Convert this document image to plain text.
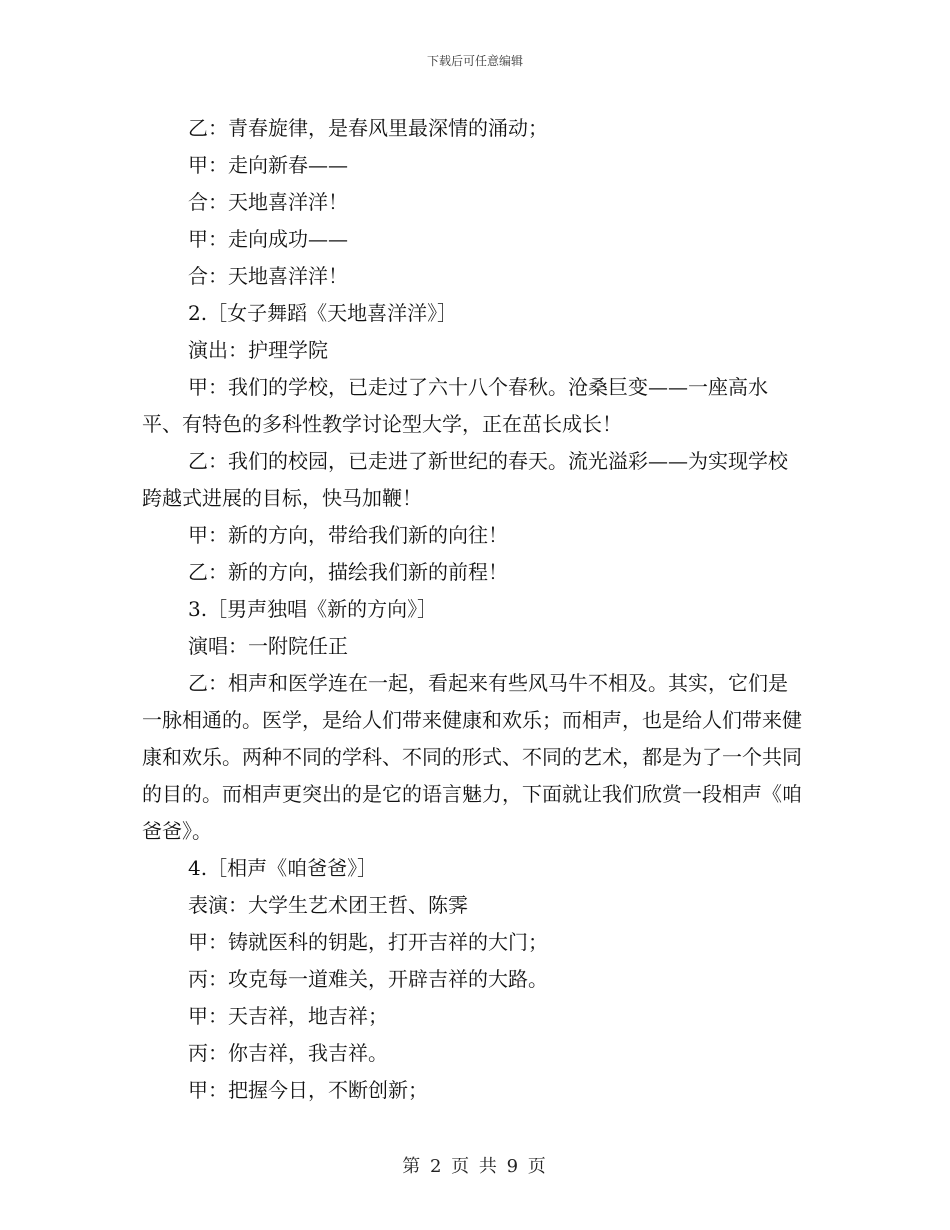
下载后可任意编辑

乙：青春旋律，是春风里最深情的涌动；

甲：走向新春——

合：天地喜洋洋！

甲：走向成功——

合：天地喜洋洋！

2.［女子舞蹈《天地喜洋洋》］

演出：护理学院

甲：我们的学校，已走过了六十八个春秋。沧桑巨变——一座高水平、有特色的多科性教学讨论型大学，正在茁长成长！

乙：我们的校园，已走进了新世纪的春天。流光溢彩——为实现学校跨越式进展的目标，快马加鞭！

甲：新的方向，带给我们新的向往！

乙：新的方向，描绘我们新的前程！

3.［男声独唱《新的方向》］

演唱：一附院任正

乙：相声和医学连在一起，看起来有些风马牛不相及。其实，它们是一脉相通的。医学，是给人们带来健康和欢乐；而相声，也是给人们带来健康和欢乐。两种不同的学科、不同的形式、不同的艺术，都是为了一个共同的目的。而相声更突出的是它的语言魅力，下面就让我们欣赏一段相声《咱爸爸》。

4.［相声《咱爸爸》］

表演：大学生艺术团王哲、陈霁

甲：铸就医科的钥匙，打开吉祥的大门；

丙：攻克每一道难关，开辟吉祥的大路。

甲：天吉祥，地吉祥；

丙：你吉祥，我吉祥。

甲：把握今日，不断创新；

第 2 页 共 9 页
